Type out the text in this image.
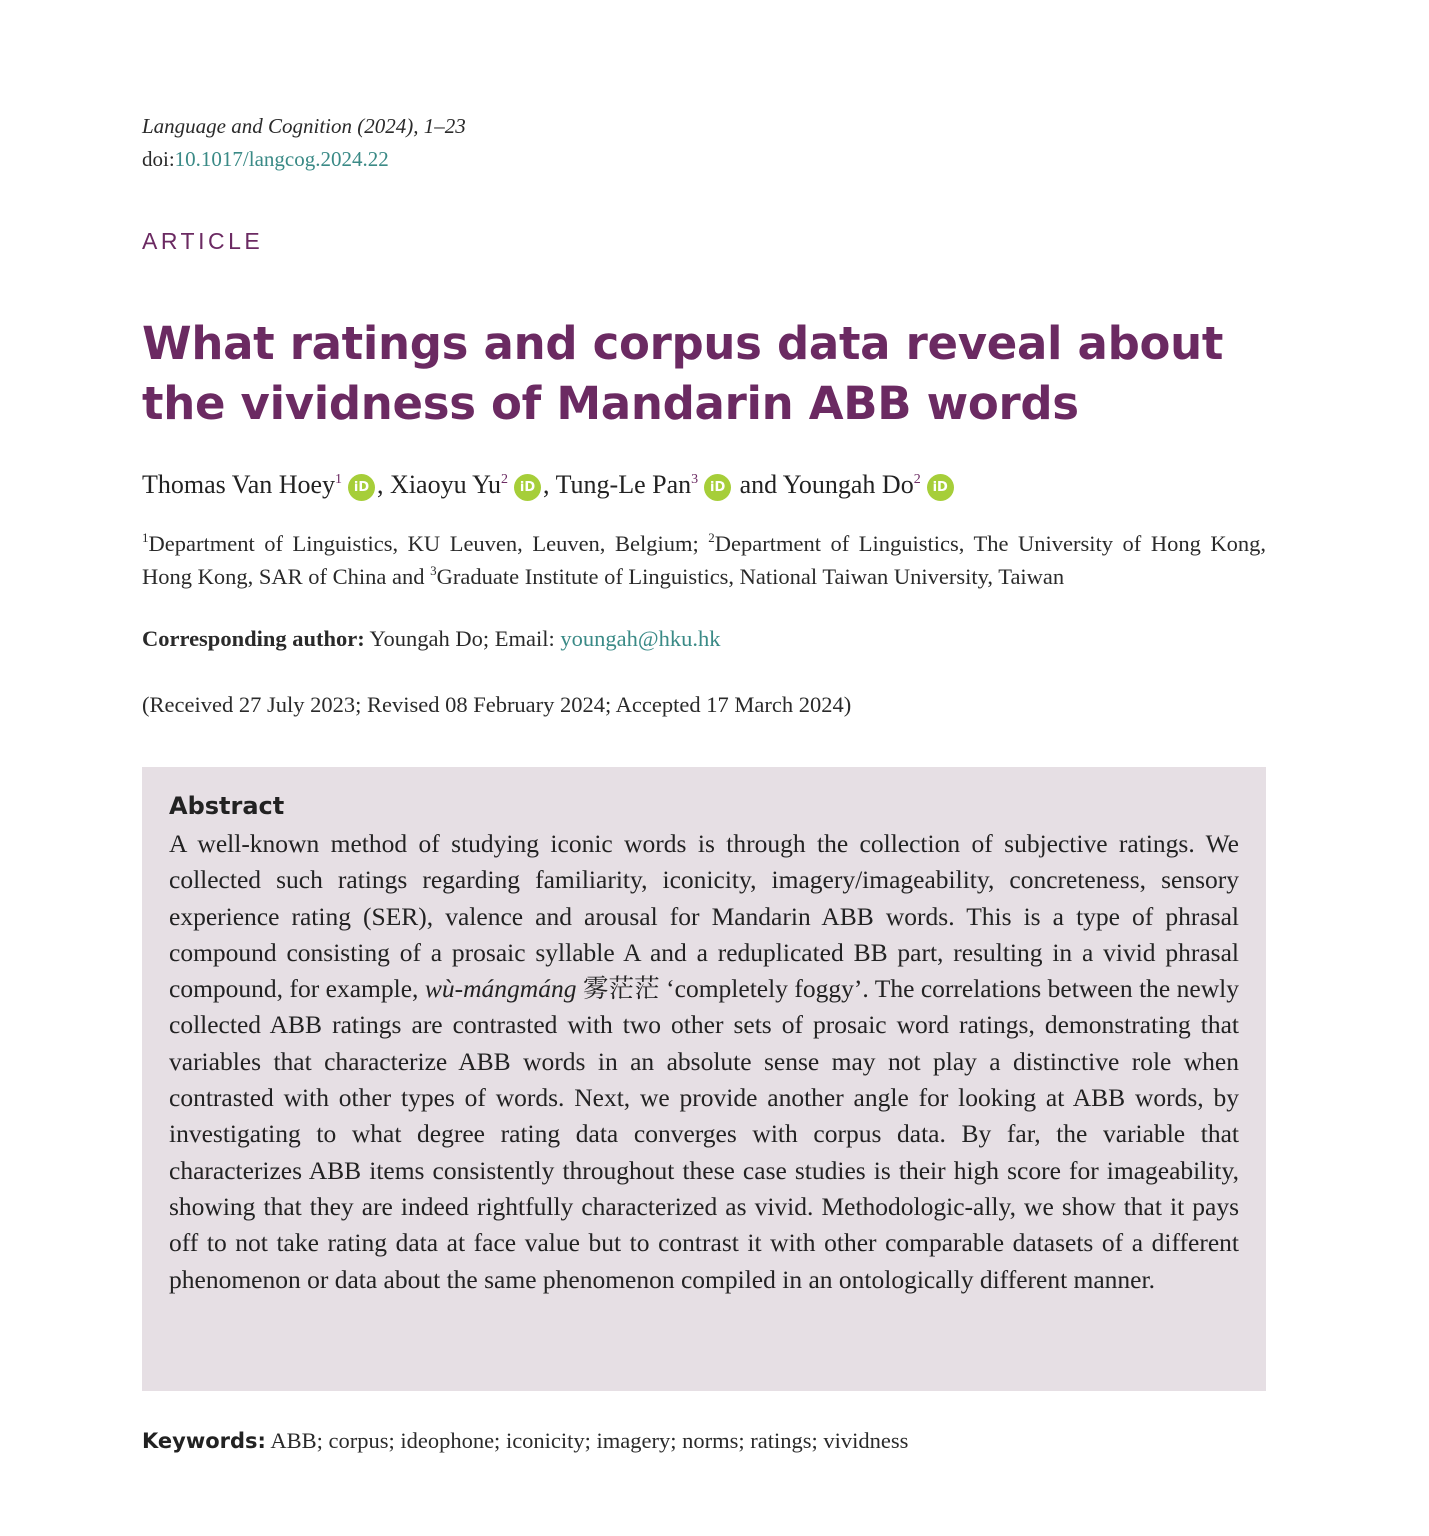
Language and Cognition (2024), 1–23
doi:10.1017/langcog.2024.22
ARTICLE
What ratings and corpus data reveal about the vividness of Mandarin ABB words
Thomas Van Hoey$^1$iD , Xiaoyu Yu$^2$iD , Tung-Le Pan$^3$iD and Youngah Do$^2$iD
$^1$Department of Linguistics, KU Leuven, Leuven, Belgium; $^2$Department of Linguistics, The University of Hong Kong, Hong Kong, SAR of China and $^3$Graduate Institute of Linguistics, National Taiwan University, Taiwan
Corresponding author: Youngah Do; Email: youngah@hku.hk
(Received 27 July 2023; Revised 08 February 2024; Accepted 17 March 2024)
Abstract

A well-known method of studying iconic words is through the collection of subjective ratings. We collected such ratings regarding familiarity, iconicity, imagery/imageability, concreteness, sensory experience rating (SER), valence and arousal for Mandarin ABB words. This is a type of phrasal compound consisting of a prosaic syllable A and a reduplicated BB part, resulting in a vivid phrasal compound, for example, wù-mángmáng 雾茫茫 ‘completely foggy’. The correlations between the newly collected ABB ratings are contrasted with two other sets of prosaic word ratings, demonstrating that variables that characterize ABB words in an absolute sense may not play a distinctive role when contrasted with other types of words. Next, we provide another angle for looking at ABB words, by investigating to what degree rating data converges with corpus data. By far, the variable that characterizes ABB items consistently throughout these case studies is their high score for imageability, showing that they are indeed rightfully characterized as vivid. Methodologic-ally, we show that it pays off to not take rating data at face value but to contrast it with other comparable datasets of a different phenomenon or data about the same phenomenon compiled in an ontologically different manner.

Keywords: ABB; corpus; ideophone; iconicity; imagery; norms; ratings; vividness
